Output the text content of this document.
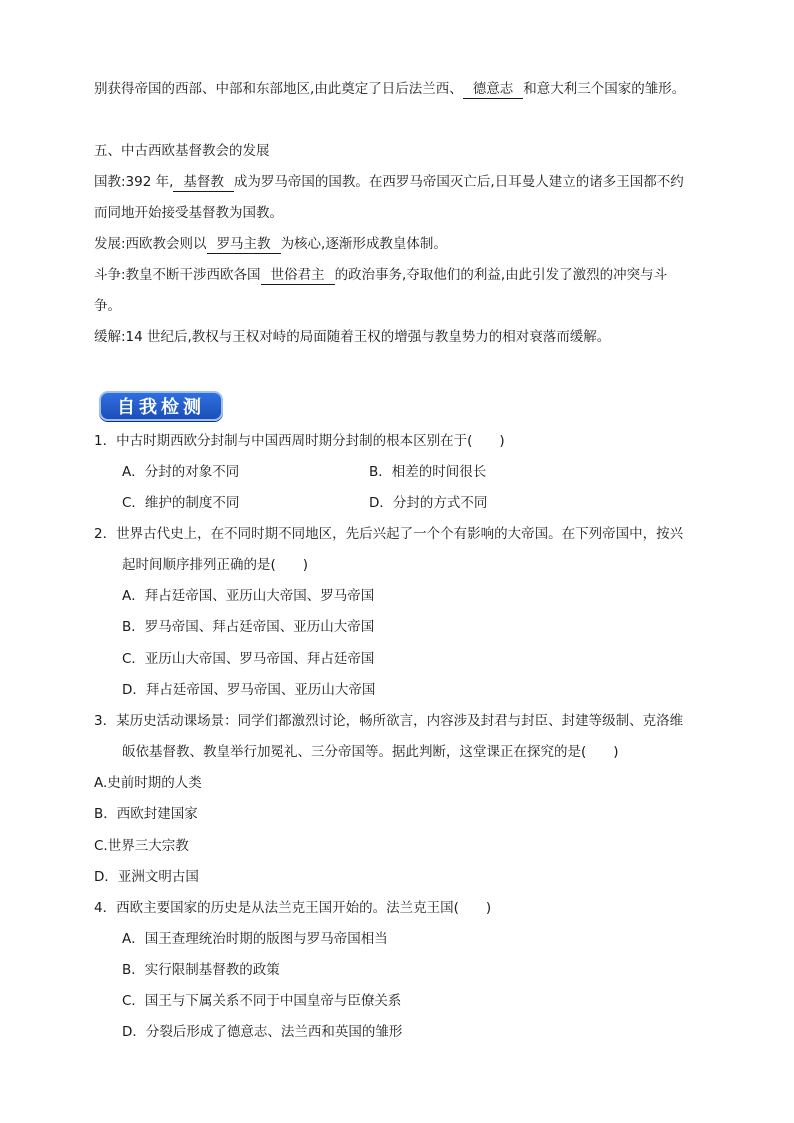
别获得帝国的西部、中部和东部地区,由此奠定了日后法兰西、 德意志 和意大利三个国家的雏形。
五、中古西欧基督教会的发展
国教:392 年, 基督教 成为罗马帝国的国教。在西罗马帝国灭亡后,日耳曼人建立的诸多王国都不约
而同地开始接受基督教为国教。
发展:西欧教会则以 罗马主教 为核心,逐渐形成教皇体制。
斗争:教皇不断干涉西欧各国 世俗君主 的政治事务,夺取他们的利益,由此引发了激烈的冲突与斗
争。
缓解:14 世纪后,教权与王权对峙的局面随着王权的增强与教皇势力的相对衰落而缓解。
自我检测
1．中古时期西欧分封制与中国西周时期分封制的根本区别在于(　　)
A．分封的对象不同	B．相差的时间很长
C．维护的制度不同	D．分封的方式不同
2．世界古代史上，在不同时期不同地区，先后兴起了一个个有影响的大帝国。在下列帝国中，按兴
起时间顺序排列正确的是(　　)
A．拜占廷帝国、亚历山大帝国、罗马帝国
B．罗马帝国、拜占廷帝国、亚历山大帝国
C．亚历山大帝国、罗马帝国、拜占廷帝国
D．拜占廷帝国、罗马帝国、亚历山大帝国
3．某历史活动课场景：同学们都激烈讨论，畅所欲言，内容涉及封君与封臣、封建等级制、克洛维
皈依基督教、教皇举行加冕礼、三分帝国等。据此判断，这堂课正在探究的是(　　)
A.史前时期的人类
B．西欧封建国家
C.世界三大宗教
D．亚洲文明古国
4．西欧主要国家的历史是从法兰克王国开始的。法兰克王国(　　)
A．国王查理统治时期的版图与罗马帝国相当
B．实行限制基督教的政策
C．国王与下属关系不同于中国皇帝与臣僚关系
D．分裂后形成了德意志、法兰西和英国的雏形
